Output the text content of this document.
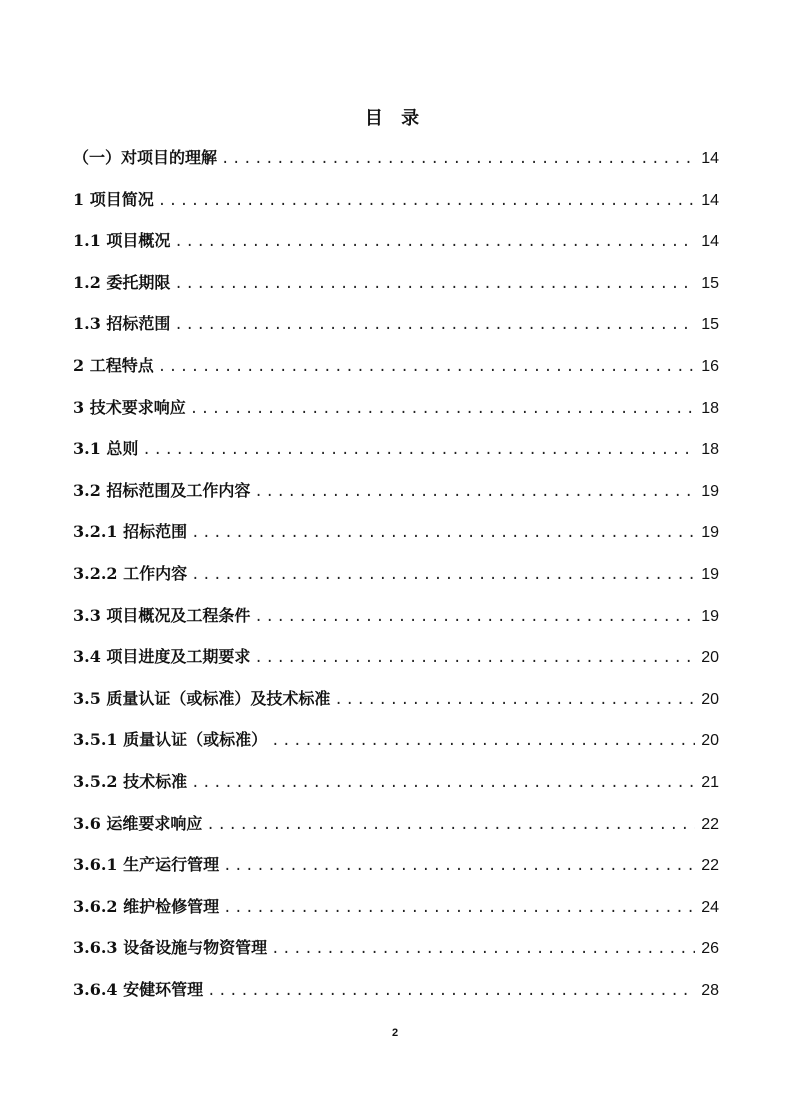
目 录
（一）对项目的理解 .....	14
1 项目简况 .....	14
1.1 项目概况 .....	14
1.2 委托期限 .....	15
1.3 招标范围 .....	15
2 工程特点 .....	16
3 技术要求响应 .....	18
3.1 总则 .....	18
3.2 招标范围及工作内容 .....	19
3.2.1 招标范围 .....	19
3.2.2 工作内容 .....	19
3.3 项目概况及工程条件 .....	19
3.4 项目进度及工期要求 .....	20
3.5 质量认证（或标准）及技术标准 .....	20
3.5.1 质量认证（或标准） .....	20
3.5.2 技术标准 .....	21
3.6 运维要求响应 .....	22
3.6.1 生产运行管理 .....	22
3.6.2 维护检修管理 .....	24
3.6.3 设备设施与物资管理 .....	26
3.6.4 安健环管理 .....	28
2
